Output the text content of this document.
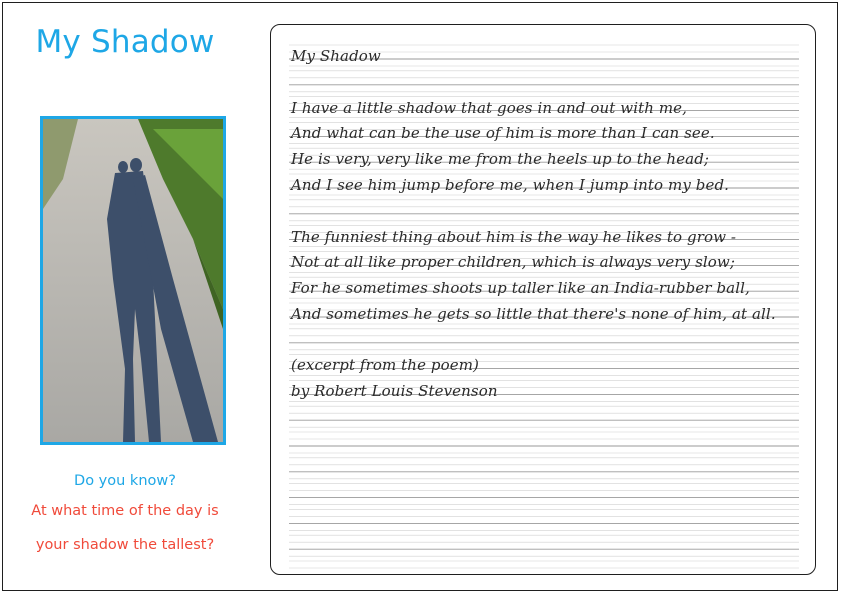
My Shadow
Do you know?
At what time of the day is
your shadow the tallest?
My Shadow
I have a little shadow that goes in and out with me,
And what can be the use of him is more than I can see.
He is very, very like me from the heels up to the head;
And I see him jump before me, when I jump into my bed.
The funniest thing about him is the way he likes to grow -
Not at all like proper children, which is always very slow;
For he sometimes shoots up taller like an India-rubber ball,
And sometimes he gets so little that there's none of him, at all.
(excerpt from the poem)
by Robert Louis Stevenson
